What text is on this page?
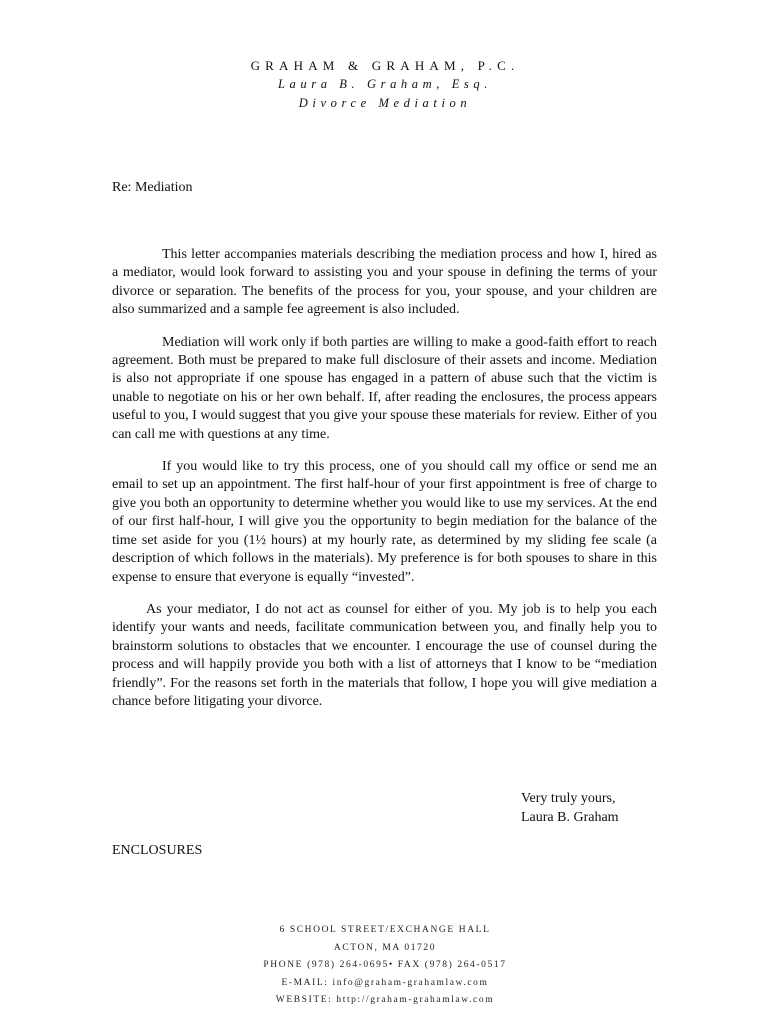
GRAHAM & GRAHAM, P.C.
Laura B. Graham, Esq.
Divorce Mediation
Re: Mediation

This letter accompanies materials describing the mediation process and how I, hired as a mediator, would look forward to assisting you and your spouse in defining the terms of your divorce or separation. The benefits of the process for you, your spouse, and your children are also summarized and a sample fee agreement is also included.

Mediation will work only if both parties are willing to make a good-faith effort to reach agreement. Both must be prepared to make full disclosure of their assets and income. Mediation is also not appropriate if one spouse has engaged in a pattern of abuse such that the victim is unable to negotiate on his or her own behalf. If, after reading the enclosures, the process appears useful to you, I would suggest that you give your spouse these materials for review. Either of you can call me with questions at any time.

If you would like to try this process, one of you should call my office or send me an email to set up an appointment. The first half-hour of your first appointment is free of charge to give you both an opportunity to determine whether you would like to use my services. At the end of our first half-hour, I will give you the opportunity to begin mediation for the balance of the time set aside for you (1½ hours) at my hourly rate, as determined by my sliding fee scale (a description of which follows in the materials). My preference is for both spouses to share in this expense to ensure that everyone is equally “invested”.

As your mediator, I do not act as counsel for either of you. My job is to help you each identify your wants and needs, facilitate communication between you, and finally help you to brainstorm solutions to obstacles that we encounter. I encourage the use of counsel during the process and will happily provide you both with a list of attorneys that I know to be “mediation friendly”. For the reasons set forth in the materials that follow, I hope you will give mediation a chance before litigating your divorce.

Very truly yours,
Laura B. Graham
ENCLOSURES
6 SCHOOL STREET/EXCHANGE HALL
ACTON, MA 01720
PHONE (978) 264-0695• FAX (978) 264-0517
E-MAIL: info@graham-grahamlaw.com
WEBSITE: http://graham-grahamlaw.com
